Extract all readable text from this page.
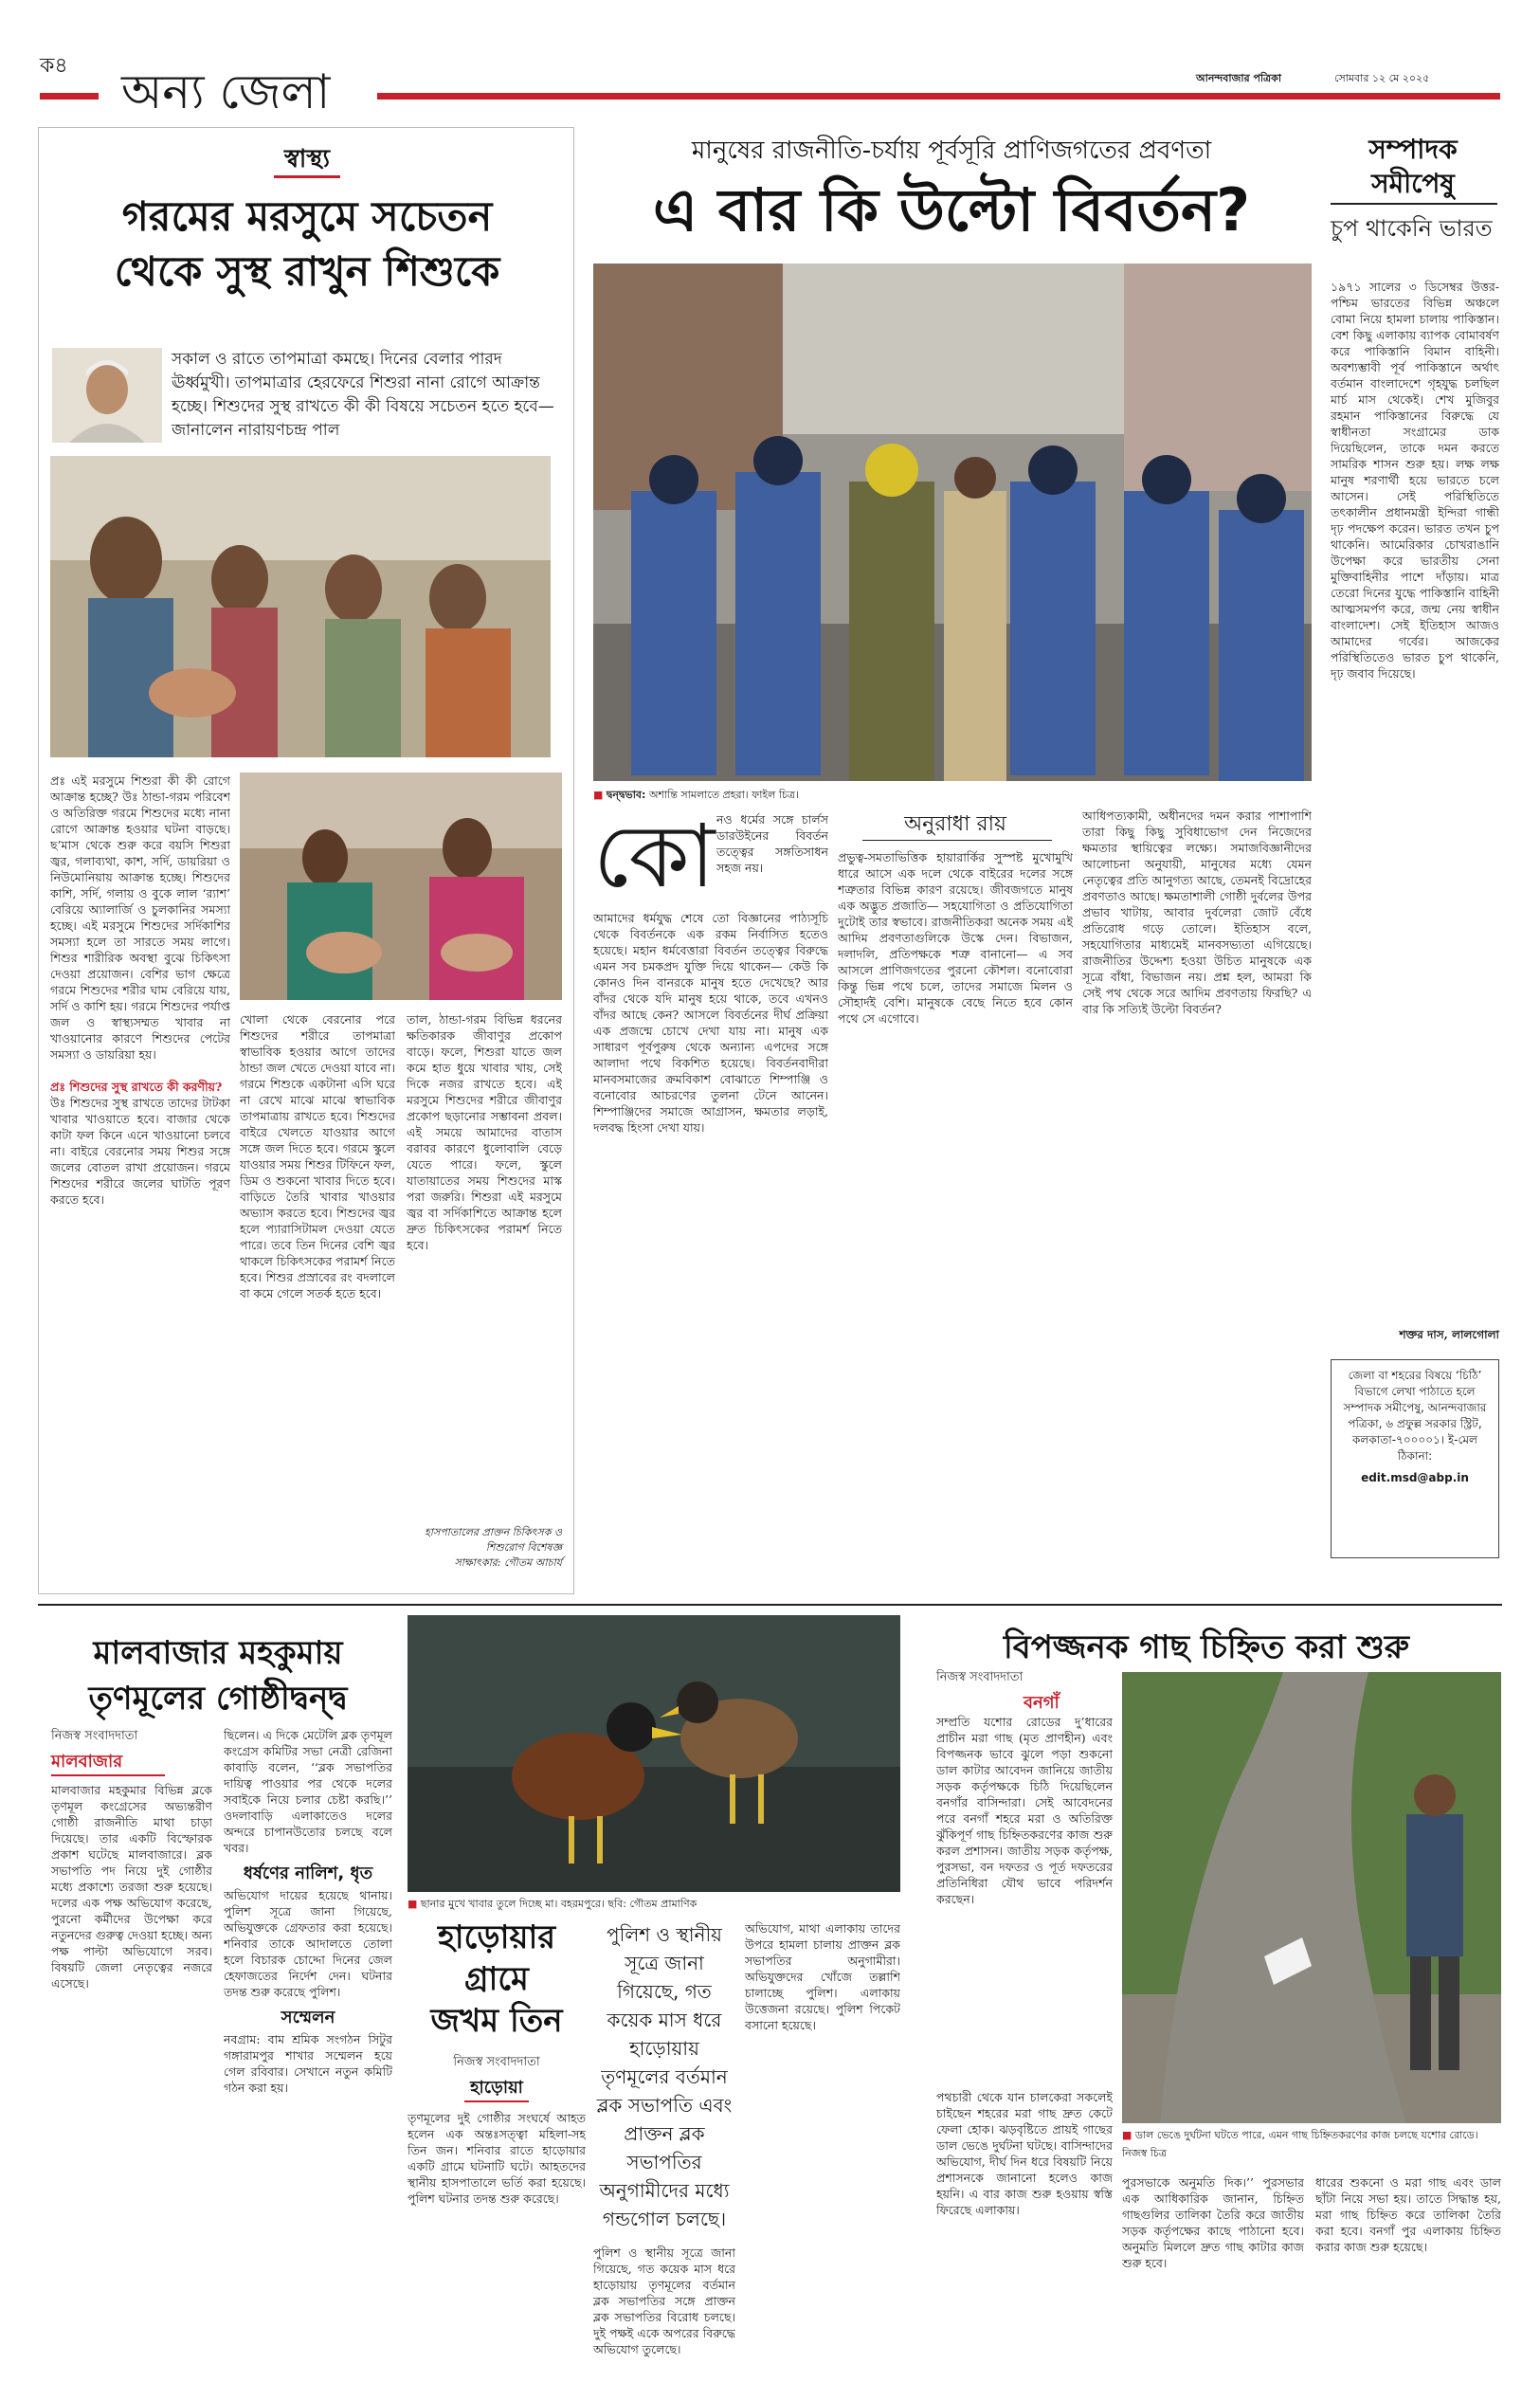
ক৪ অন্য জেলা	আনন্দবাজার পত্রিকা	সোমবার ১২ মে ২০২৫
স্বাস্থ্য
গরমের মরসুমে সচেতন
থেকে সুস্থ রাখুন শিশুকে
সকাল ও রাতে তাপমাত্রা কমছে। দিনের বেলার পারদ ঊর্ধ্বমুখী। তাপমাত্রার হেরফেরে শিশুরা নানা রোগে আক্রান্ত হচ্ছে। শিশুদের সুস্থ রাখতে কী কী বিষয়ে সচেতন হতে হবে— জানালেন নারায়ণচন্দ্র পাল
প্রঃ এই মরসুমে শিশুরা কী কী রোগে আক্রান্ত হচ্ছে? উঃ ঠান্ডা-গরম পরিবেশ ও অতিরিক্ত গরমে শিশুদের মধ্যে নানা রোগে আক্রান্ত হওয়ার ঘটনা বাড়ছে। ছ’মাস থেকে শুরু করে বয়সি শিশুরা জ্বর, গলাব্যথা, কাশ, সর্দি, ডায়রিয়া ও নিউমোনিয়ায় আক্রান্ত হচ্ছে। শিশুদের কাশি, সর্দি, গলায় ও বুকে লাল ‘র‍্যাশ’ বেরিয়ে অ্যালার্জি ও চুলকানির সমস্যা হচ্ছে। এই মরসুমে শিশুদের সর্দিকাশির সমস্যা হলে তা সারতে সময় লাগে। শিশুর শারীরিক অবস্থা বুঝে চিকিৎসা দেওয়া প্রয়োজন। বেশির ভাগ ক্ষেত্রে গরমে শিশুদের শরীর ঘাম বেরিয়ে যায়, সর্দি ও কাশি হয়। গরমে শিশুদের পর্যাপ্ত জল ও স্বাস্থ্যসম্মত খাবার না খাওয়ানোর কারণে শিশুদের পেটের সমস্যা ও ডায়রিয়া হয়।

প্রঃ শিশুদের সুস্থ রাখতে কী করণীয়?
উঃ শিশুদের সুস্থ রাখতে তাদের টাটকা খাবার খাওয়াতে হবে। বাজার থেকে কাটা ফল কিনে এনে খাওয়ানো চলবে না। বাইরে বেরনোর সময় শিশুর সঙ্গে জলের বোতল রাখা প্রয়োজন। গরমে শিশুদের শরীরে জলের ঘাটতি পূরণ করতে হবে।
খোলা থেকে বেরনোর পরে শিশুদের শরীরে তাপমাত্রা স্বাভাবিক হওয়ার আগে তাদের ঠান্ডা জল খেতে দেওয়া যাবে না। গরমে শিশুকে একটানা এসি ঘরে না রেখে মাঝে মাঝে স্বাভাবিক তাপমাত্রায় রাখতে হবে। শিশুদের বাইরে খেলতে যাওয়ার আগে সঙ্গে জল দিতে হবে। গরমে স্কুলে যাওয়ার সময় শিশুর টিফিনে ফল, ডিম ও শুকনো খাবার দিতে হবে। বাড়িতে তৈরি খাবার খাওয়ার অভ্যাস করতে হবে। শিশুদের জ্বর হলে প্যারাসিটামল দেওয়া যেতে পারে। তবে তিন দিনের বেশি জ্বর থাকলে চিকিৎসকের পরামর্শ নিতে হবে। শিশুর প্রস্রাবের রং বদলালে বা কমে গেলে সতর্ক হতে হবে।
তাল, ঠান্ডা-গরম বিভিন্ন ধরনের ক্ষতিকারক জীবাণুর প্রকোপ বাড়ে। ফলে, শিশুরা যাতে জল কমে হাত ধুয়ে খাবার খায়, সেই দিকে নজর রাখতে হবে। এই মরসুমে শিশুদের শরীরে জীবাণুর প্রকোপ ছড়ানোর সম্ভাবনা প্রবল। এই সময়ে আমাদের বাতাস বরাবর কারণে ধুলোবালি বেড়ে যেতে পারে। ফলে, স্কুলে যাতায়াতের সময় শিশুদের মাস্ক পরা জরুরি। শিশুরা এই মরসুমে জ্বর বা সর্দিকাশিতে আক্রান্ত হলে দ্রুত চিকিৎসকের পরামর্শ নিতে হবে।
হাসপাতালের প্রাক্তন চিকিৎসক ও
শিশুরোগ বিশেষজ্ঞ
সাক্ষাৎকার: গৌতম আচার্য
মানুষের রাজনীতি-চর্যায় পূর্বসূরি প্রাণিজগতের প্রবণতা
এ বার কি উল্টো বিবর্তন?
■ দ্বন্দ্বভাব: অশান্তি সামলাতে প্রহরা। ফাইল চিত্র।
কো নও ধর্মের সঙ্গে চার্লস ডারউইনের বিবর্তন তত্ত্বের সঙ্গতিসাধন সহজ নয়।
আমাদের ধর্মযুদ্ধ শেষে তো বিজ্ঞানের পাঠ্যসূচি থেকে বিবর্তনকে এক রকম নির্বাসিত হতেও হয়েছে। মহান ধর্মবেত্তারা বিবর্তন তত্ত্বের বিরুদ্ধে এমন সব চমকপ্রদ যুক্তি দিয়ে থাকেন— কেউ কি কোনও দিন বানরকে মানুষ হতে দেখেছে? আর বাঁদর থেকে যদি মানুষ হয়ে থাকে, তবে এখনও বাঁদর আছে কেন? আসলে বিবর্তনের দীর্ঘ প্রক্রিয়া এক প্রজন্মে চোখে দেখা যায় না। মানুষ এক সাধারণ পূর্বপুরুষ থেকে অন্যান্য এপদের সঙ্গে আলাদা পথে বিকশিত হয়েছে। বিবর্তনবাদীরা মানবসমাজের ক্রমবিকাশ বোঝাতে শিম্পাঞ্জি ও বনোবোর আচরণের তুলনা টেনে আনেন। শিম্পাঞ্জিদের সমাজে আগ্রাসন, ক্ষমতার লড়াই, দলবদ্ধ হিংসা দেখা যায়।
অনুরাধা রায়
প্রভুত্ব-সমতাভিত্তিক হায়ারার্কির সুস্পষ্ট মুখোমুখি ধারে আসে এক দলে থেকে বাইরের দলের সঙ্গে শত্রুতার বিভিন্ন কারণ রয়েছে। জীবজগতে মানুষ এক অদ্ভুত প্রজাতি— সহযোগিতা ও প্রতিযোগিতা দুটোই তার স্বভাবে। রাজনীতিকরা অনেক সময় এই আদিম প্রবণতাগুলিকে উস্কে দেন। বিভাজন, দলাদলি, প্রতিপক্ষকে শত্রু বানানো— এ সব আসলে প্রাণিজগতের পুরনো কৌশল। বনোবোরা কিন্তু ভিন্ন পথে চলে, তাদের সমাজে মিলন ও সৌহার্দই বেশি। মানুষকে বেছে নিতে হবে কোন পথে সে এগোবে।
আধিপত্যকামী, অধীনদের দমন করার পাশাপাশি তারা কিছু কিছু সুবিধাভোগ দেন নিজেদের ক্ষমতার স্থায়িত্বের লক্ষ্যে। সমাজবিজ্ঞানীদের আলোচনা অনুযায়ী, মানুষের মধ্যে যেমন নেতৃত্বের প্রতি আনুগত্য আছে, তেমনই বিদ্রোহের প্রবণতাও আছে। ক্ষমতাশালী গোষ্ঠী দুর্বলের উপর প্রভাব খাটায়, আবার দুর্বলেরা জোট বেঁধে প্রতিরোধ গড়ে তোলে। ইতিহাস বলে, সহযোগিতার মাধ্যমেই মানবসভ্যতা এগিয়েছে। রাজনীতির উদ্দেশ্য হওয়া উচিত মানুষকে এক সূত্রে বাঁধা, বিভাজন নয়। প্রশ্ন হল, আমরা কি সেই পথ থেকে সরে আদিম প্রবণতায় ফিরছি? এ বার কি সত্যিই উল্টো বিবর্তন?
সম্পাদক
সমীপেষু
চুপ থাকেনি ভারত
১৯৭১ সালের ৩ ডিসেম্বর উত্তর-পশ্চিম ভারতের বিভিন্ন অঞ্চলে বোমা নিয়ে হামলা চালায় পাকিস্তান। বেশ কিছু এলাকায় ব্যাপক বোমাবর্ষণ করে পাকিস্তানি বিমান বাহিনী। অবশ্যম্ভাবী পূর্ব পাকিস্তানে অর্থাৎ বর্তমান বাংলাদেশে গৃহযুদ্ধ চলছিল মার্চ মাস থেকেই। শেখ মুজিবুর রহমান পাকিস্তানের বিরুদ্ধে যে স্বাধীনতা সংগ্রামের ডাক দিয়েছিলেন, তাকে দমন করতে সামরিক শাসন শুরু হয়। লক্ষ লক্ষ মানুষ শরণার্থী হয়ে ভারতে চলে আসেন। সেই পরিস্থিতিতে তৎকালীন প্রধানমন্ত্রী ইন্দিরা গান্ধী দৃঢ় পদক্ষেপ করেন। ভারত তখন চুপ থাকেনি। আমেরিকার চোখরাঙানি উপেক্ষা করে ভারতীয় সেনা মুক্তিবাহিনীর পাশে দাঁড়ায়। মাত্র তেরো দিনের যুদ্ধে পাকিস্তানি বাহিনী আত্মসমর্পণ করে, জন্ম নেয় স্বাধীন বাংলাদেশ। সেই ইতিহাস আজও আমাদের গর্বের। আজকের পরিস্থিতিতেও ভারত চুপ থাকেনি, দৃঢ় জবাব দিয়েছে।
শক্তর দাস, লালগোলা
জেলা বা শহরের বিষয়ে ‘চিঠি’ বিভাগে লেখা পাঠাতে হলে সম্পাদক সমীপেষু, আনন্দবাজার পত্রিকা, ৬ প্রফুল্ল সরকার স্ট্রিট, কলকাতা-৭০০০০১। ই-মেল ঠিকানা:
edit.msd@abp.in
মালবাজার মহকুমায়
তৃণমূলের গোষ্ঠীদ্বন্দ্ব
নিজস্ব সংবাদদাতা
মালবাজার
মালবাজার মহকুমার বিভিন্ন ব্লকে তৃণমূল কংগ্রেসের অভ্যন্তরীণ গোষ্ঠী রাজনীতি মাথা চাড়া দিয়েছে। তার একটি বিস্ফোরক প্রকাশ ঘটেছে মালবাজারে। ব্লক সভাপতি পদ নিয়ে দুই গোষ্ঠীর মধ্যে প্রকাশ্যে তরজা শুরু হয়েছে। দলের এক পক্ষ অভিযোগ করেছে, পুরনো কর্মীদের উপেক্ষা করে নতুনদের গুরুত্ব দেওয়া হচ্ছে। অন্য পক্ষ পাল্টা অভিযোগে সরব। বিষয়টি জেলা নেতৃত্বের নজরে এসেছে।
ছিলেন। এ দিকে মেটেলি ব্লক তৃণমূল কংগ্রেস কমিটির সভা নেত্রী রেজিনা কাবাড়ি বলেন, ‘‘ব্লক সভাপতির দায়িত্ব পাওয়ার পর থেকে দলের সবাইকে নিয়ে চলার চেষ্টা করছি।’’ ওদলাবাড়ি এলাকাতেও দলের অন্দরে চাপানউতোর চলছে বলে খবর।
ধর্ষণের নালিশ, ধৃত
অভিযোগ দায়ের হয়েছে থানায়। পুলিশ সূত্রে জানা গিয়েছে, অভিযুক্তকে গ্রেফতার করা হয়েছে। শনিবার তাকে আদালতে তোলা হলে বিচারক চোদ্দো দিনের জেল হেফাজতের নির্দেশ দেন। ঘটনার তদন্ত শুরু করেছে পুলিশ।
সম্মেলন
নবগ্রাম: বাম শ্রমিক সংগঠন সিটুর গঙ্গারামপুর শাখার সম্মেলন হয়ে গেল রবিবার। সেখানে নতুন কমিটি গঠন করা হয়।
■ ছানার মুখে খাবার তুলে দিচ্ছে মা। বহরমপুরে। ছবি: গৌতম প্রামাণিক
হাড়োয়ার
গ্রামে
জখম তিন
নিজস্ব সংবাদদাতা
হাড়োয়া
তৃণমূলের দুই গোষ্ঠীর সংঘর্ষে আহত হলেন এক অন্তঃসত্ত্বা মহিলা-সহ তিন জন। শনিবার রাতে হাড়োয়ার একটি গ্রামে ঘটনাটি ঘটে। আহতদের স্থানীয় হাসপাতালে ভর্তি করা হয়েছে। পুলিশ ঘটনার তদন্ত শুরু করেছে।
পুলিশ ও স্থানীয় সূত্রে জানা গিয়েছে, গত কয়েক মাস ধরে হাড়োয়ায় তৃণমূলের বর্তমান ব্লক সভাপতি এবং প্রাক্তন ব্লক সভাপতির অনুগামীদের মধ্যে গন্ডগোল চলছে।
পুলিশ ও স্থানীয় সূত্রে জানা গিয়েছে, গত কয়েক মাস ধরে হাড়োয়ায় তৃণমূলের বর্তমান ব্লক সভাপতির সঙ্গে প্রাক্তন ব্লক সভাপতির বিরোধ চলছে। দুই পক্ষই একে অপরের বিরুদ্ধে অভিযোগ তুলেছে।
অভিযোগ, মাথা এলাকায় তাদের উপরে হামলা চালায় প্রাক্তন ব্লক সভাপতির অনুগামীরা। অভিযুক্তদের খোঁজে তল্লাশি চালাচ্ছে পুলিশ। এলাকায় উত্তেজনা রয়েছে। পুলিশ পিকেট বসানো হয়েছে।
বিপজ্জনক গাছ চিহ্নিত করা শুরু
নিজস্ব সংবাদদাতা
বনগাঁ
সম্প্রতি যশোর রোডের দু’ধারের প্রাচীন মরা গাছ (মৃত প্রাণহীন) এবং বিপজ্জনক ভাবে ঝুলে পড়া শুকনো ডাল কাটার আবেদন জানিয়ে জাতীয় সড়ক কর্তৃপক্ষকে চিঠি দিয়েছিলেন বনগাঁর বাসিন্দারা। সেই আবেদনের পরে বনগাঁ শহরে মরা ও অতিরিক্ত ঝুঁকিপূর্ণ গাছ চিহ্নিতকরণের কাজ শুরু করল প্রশাসন। জাতীয় সড়ক কর্তৃপক্ষ, পুরসভা, বন দফতর ও পূর্ত দফতরের প্রতিনিধিরা যৌথ ভাবে পরিদর্শন করছেন।
পথচারী থেকে যান চালকেরা সকলেই চাইছেন শহরের মরা গাছ দ্রুত কেটে ফেলা হোক। ঝড়বৃষ্টিতে প্রায়ই গাছের ডাল ভেঙে দুর্ঘটনা ঘটছে। বাসিন্দাদের অভিযোগ, দীর্ঘ দিন ধরে বিষয়টি নিয়ে প্রশাসনকে জানানো হলেও কাজ হয়নি। এ বার কাজ শুরু হওয়ায় স্বস্তি ফিরেছে এলাকায়।
■ ডাল ভেঙে দুর্ঘটনা ঘটতে পারে, এমন গাছ চিহ্নিতকরণের কাজ চলছে যশোর রোডে। নিজস্ব চিত্র
পুরসভাকে অনুমতি দিক।’’ পুরসভার এক আধিকারিক জানান, চিহ্নিত গাছগুলির তালিকা তৈরি করে জাতীয় সড়ক কর্তৃপক্ষের কাছে পাঠানো হবে। অনুমতি মিললে দ্রুত গাছ কাটার কাজ শুরু হবে।
ধারের শুকনো ও মরা গাছ এবং ডাল ছাঁটা নিয়ে সভা হয়। তাতে সিদ্ধান্ত হয়, মরা গাছ চিহ্নিত করে তালিকা তৈরি করা হবে। বনগাঁ পুর এলাকায় চিহ্নিত করার কাজ শুরু হয়েছে।
